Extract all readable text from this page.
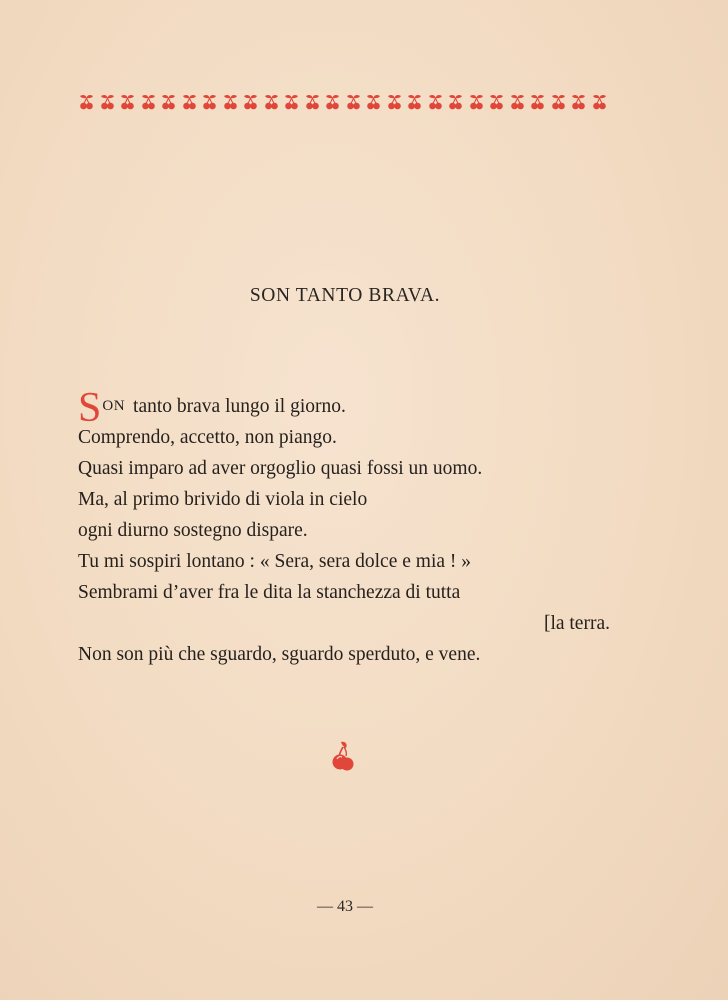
SON TANTO BRAVA.
S ON tanto brava lungo il giorno.
Comprendo, accetto, non piango.
Quasi imparo ad aver orgoglio quasi fossi un uomo.
Ma, al primo brivido di viola in cielo
ogni diurno sostegno dispare.
Tu mi sospiri lontano : « Sera, sera dolce e mia ! »
Sembrami d’aver fra le dita la stanchezza di tutta
[la terra.
Non son più che sguardo, sguardo sperduto, e vene.
— 43 —
